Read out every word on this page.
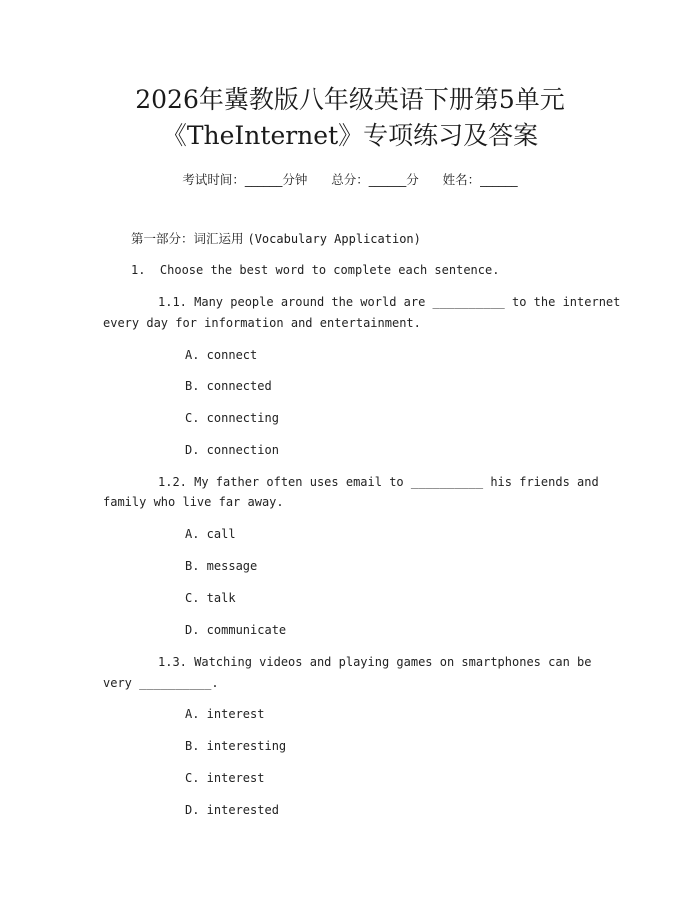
2026年冀教版八年级英语下册第5单元
《TheInternet》专项练习及答案
考试时间：______分钟      总分：______分      姓名：______
第一部分：词汇运用 (Vocabulary Application)
1.  Choose the best word to complete each sentence.
1.1. Many people around the world are __________ to the internet
every day for information and entertainment.
A. connect
B. connected
C. connecting
D. connection
1.2. My father often uses email to __________ his friends and
family who live far away.
A. call
B. message
C. talk
D. communicate
1.3. Watching videos and playing games on smartphones can be
very __________.
A. interest
B. interesting
C. interest
D. interested
